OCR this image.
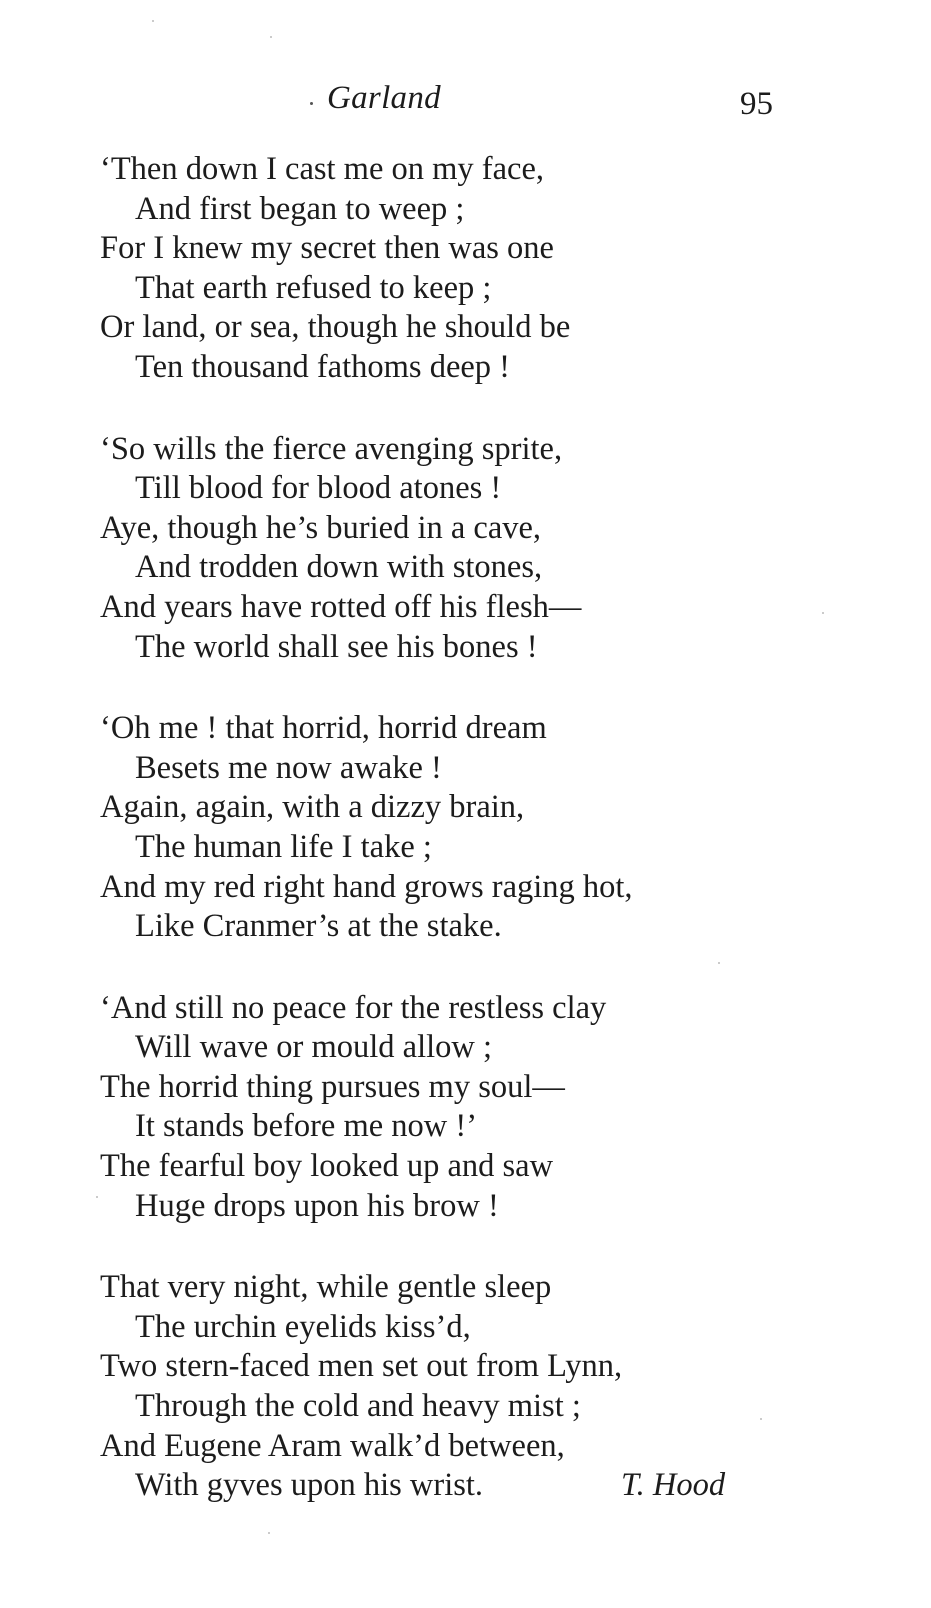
Garland	95
‘Then down I cast me on my face,
And first began to weep ;
For I knew my secret then was one
That earth refused to keep ;
Or land, or sea, though he should be
Ten thousand fathoms deep !
‘So wills the fierce avenging sprite,
Till blood for blood atones !
Aye, though he’s buried in a cave,
And trodden down with stones,
And years have rotted off his flesh—
The world shall see his bones !
‘Oh me ! that horrid, horrid dream
Besets me now awake !
Again, again, with a dizzy brain,
The human life I take ;
And my red right hand grows raging hot,
Like Cranmer’s at the stake.
‘And still no peace for the restless clay
Will wave or mould allow ;
The horrid thing pursues my soul—
It stands before me now !’
The fearful boy looked up and saw
Huge drops upon his brow !
That very night, while gentle sleep
The urchin eyelids kiss’d,
Two stern-faced men set out from Lynn,
Through the cold and heavy mist ;
And Eugene Aram walk’d between,
With gyves upon his wrist.	T. Hood
